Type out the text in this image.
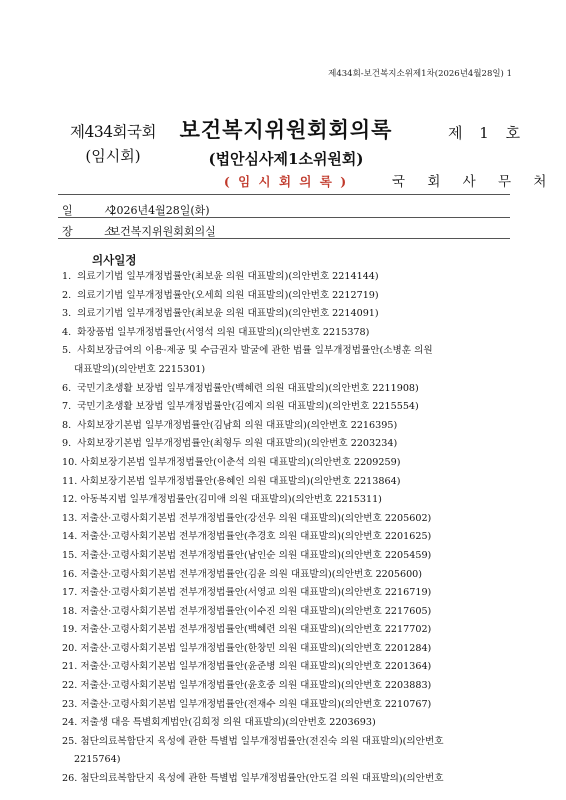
제434회-보건복지소위제1차(2026년4월28일) 1
제434회국회
(임시회)
보건복지위원회회의록
(법안심사제1소위원회)
( 임 시 회 의 록 )
제 1 호
국 회 사 무 처
일 시 2026년4월28일(화)
장 소 보건복지위원회회의실
의사일정
1. 의료기기법 일부개정법률안(최보윤 의원 대표발의)(의안번호 2214144)
2. 의료기기법 일부개정법률안(오세희 의원 대표발의)(의안번호 2212719)
3. 의료기기법 일부개정법률안(최보윤 의원 대표발의)(의안번호 2214091)
4. 화장품법 일부개정법률안(서영석 의원 대표발의)(의안번호 2215378)
5. 사회보장급여의 이용·제공 및 수급권자 발굴에 관한 법률 일부개정법률안(소병훈 의원
대표발의)(의안번호 2215301)
6. 국민기초생활 보장법 일부개정법률안(백혜련 의원 대표발의)(의안번호 2211908)
7. 국민기초생활 보장법 일부개정법률안(김예지 의원 대표발의)(의안번호 2215554)
8. 사회보장기본법 일부개정법률안(김남희 의원 대표발의)(의안번호 2216395)
9. 사회보장기본법 일부개정법률안(최형두 의원 대표발의)(의안번호 2203234)
10. 사회보장기본법 일부개정법률안(이춘석 의원 대표발의)(의안번호 2209259)
11. 사회보장기본법 일부개정법률안(용혜인 의원 대표발의)(의안번호 2213864)
12. 아동복지법 일부개정법률안(김미애 의원 대표발의)(의안번호 2215311)
13. 저출산·고령사회기본법 전부개정법률안(강선우 의원 대표발의)(의안번호 2205602)
14. 저출산·고령사회기본법 전부개정법률안(추경호 의원 대표발의)(의안번호 2201625)
15. 저출산·고령사회기본법 전부개정법률안(남인순 의원 대표발의)(의안번호 2205459)
16. 저출산·고령사회기본법 전부개정법률안(김윤 의원 대표발의)(의안번호 2205600)
17. 저출산·고령사회기본법 전부개정법률안(서영교 의원 대표발의)(의안번호 2216719)
18. 저출산·고령사회기본법 전부개정법률안(이수진 의원 대표발의)(의안번호 2217605)
19. 저출산·고령사회기본법 전부개정법률안(백혜련 의원 대표발의)(의안번호 2217702)
20. 저출산·고령사회기본법 일부개정법률안(한창민 의원 대표발의)(의안번호 2201284)
21. 저출산·고령사회기본법 일부개정법률안(윤준병 의원 대표발의)(의안번호 2201364)
22. 저출산·고령사회기본법 일부개정법률안(윤호중 의원 대표발의)(의안번호 2203883)
23. 저출산·고령사회기본법 일부개정법률안(전재수 의원 대표발의)(의안번호 2210767)
24. 저출생 대응 특별회계법안(김희정 의원 대표발의)(의안번호 2203693)
25. 첨단의료복합단지 육성에 관한 특별법 일부개정법률안(전진숙 의원 대표발의)(의안번호
2215764)
26. 첨단의료복합단지 육성에 관한 특별법 일부개정법률안(안도걸 의원 대표발의)(의안번호
